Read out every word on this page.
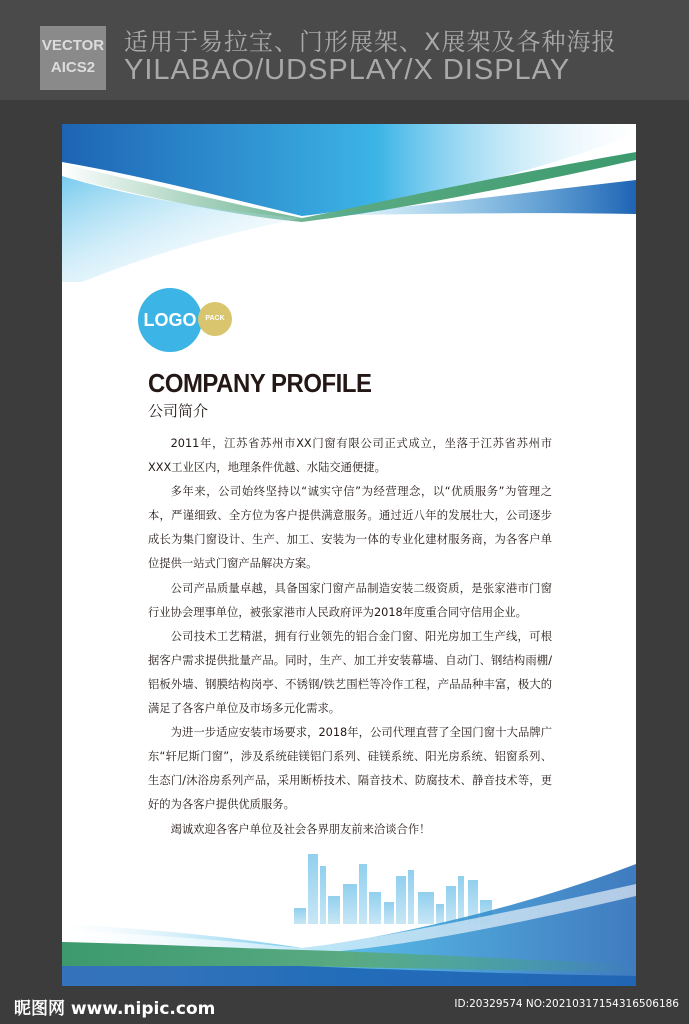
VECTOR
AICS2
适用于易拉宝、门形展架、X展架及各种海报
YILABAO/UDSPLAY/X DISPLAY
LOGO	PACK
COMPANY PROFILE
公司简介

2011年，江苏省苏州市XX门窗有限公司正式成立，坐落于江苏省苏州市XXX工业区内，地理条件优越、水陆交通便捷。

多年来，公司始终坚持以“诚实守信”为经营理念，以“优质服务”为管理之本，严谨细致、全方位为客户提供满意服务。通过近八年的发展壮大，公司逐步成长为集门窗设计、生产、加工、安装为一体的专业化建材服务商，为各客户单位提供一站式门窗产品解决方案。

公司产品质量卓越，具备国家门窗产品制造安装二级资质，是张家港市门窗行业协会理事单位，被张家港市人民政府评为2018年度重合同守信用企业。

公司技术工艺精湛，拥有行业领先的铝合金门窗、阳光房加工生产线，可根据客户需求提供批量产品。同时，生产、加工并安装幕墙、自动门、钢结构雨棚/铝板外墙、钢膜结构岗亭、不锈钢/铁艺围栏等冷作工程，产品品种丰富，极大的满足了各客户单位及市场多元化需求。

为进一步适应安装市场要求，2018年，公司代理直营了全国门窗十大品牌广东“轩尼斯门窗”，涉及系统硅镁铝门系列、硅镁系统、阳光房系统、铝窗系列、生态门/沐浴房系列产品，采用断桥技术、隔音技术、防腐技术、静音技术等，更好的为各客户提供优质服务。

竭诚欢迎各客户单位及社会各界朋友前来洽谈合作！

昵图网 www.nipic.com	ID:20329574 NO:20210317154316506186
